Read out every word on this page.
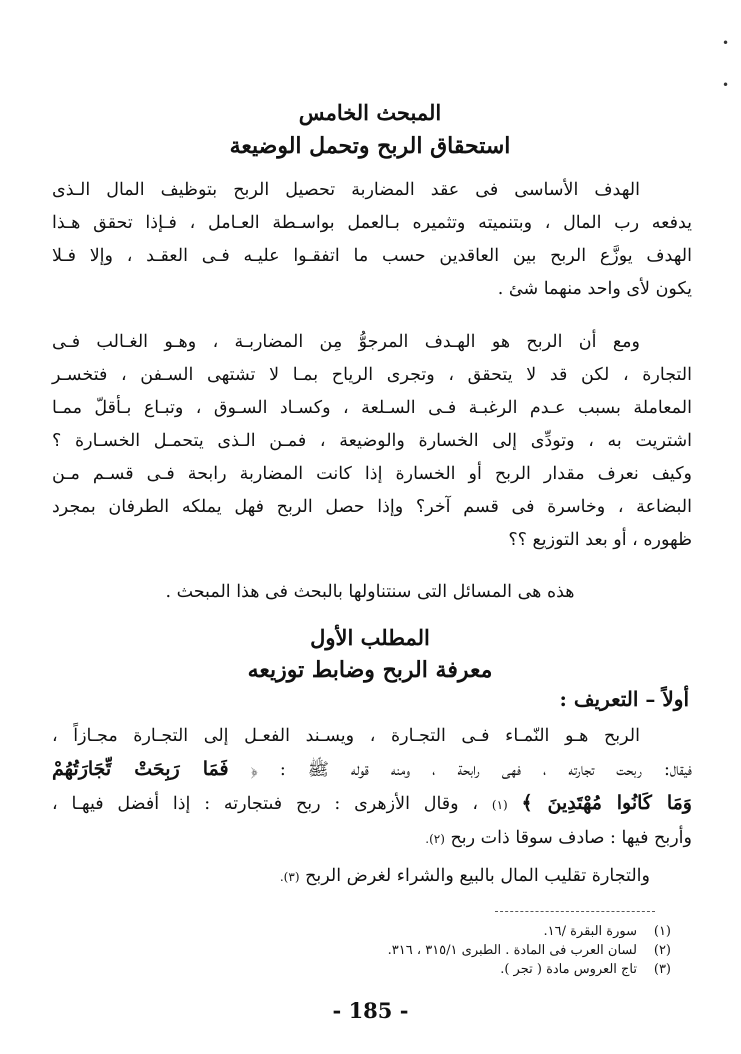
•
•
المبحث الخامس
استحقاق الربح وتحمل الوضيعة
الهدف الأساسى فى عقد المضاربة تحصيل الربح بتوظيف المال الـذى
يدفعه رب المال ، وبتنميته وتثميره بـالعمل بواسـطة العـامل ، فـإذا تحقق هـذا
الهدف يوزَّع الربح بين العاقدين حسب ما اتفقـوا عليـه فـى العقـد ، وإلا فـلا
يكون لأى واحد منهما شئ .
ومع أن الربح هو الهـدف المرجوُّ مِن المضاربـة ، وهـو الغـالب فـى
التجارة ، لكن قد لا يتحقق ، وتجرى الرياح بمـا لا تشتهى السـفن ، فتخسـر
المعاملة بسبب عـدم الرغبـة فـى السـلعة ، وكسـاد السـوق ، وتبـاع بـأقلّ ممـا
اشتريت به ، وتودِّى إلى الخسارة والوضيعة ، فمـن الـذى يتحمـل الخسـارة ؟
وكيف نعرف مقدار الربح أو الخسارة إذا كانت المضاربة رابحة فـى قسـم مـن
البضاعة ، وخاسرة فى قسم آخر؟ وإذا حصل الربح فهل يملكه الطرفان بمجرد
ظهوره ، أو بعد التوزيع ؟؟
هذه هى المسائل التى سنتناولها بالبحث فى هذا المبحث .
المطلب الأول
معرفة الربح وضابط توزيعه
أولاً – التعريف :
الربح هـو النّمـاء فـى التجـارة ، ويسـند الفعـل إلى التجـارة مجـازاً ،
فيقال: ربحت تجارته ، فهى رابحة ، ومنه قوله ﷺ : ﴿ فَمَا رَبِحَتْ تِّجَارَتُهُمْ
وَمَا كَانُوا مُهْتَدِينَ ﴾ (١) ، وقال الأزهرى : ربح فىتجارته : إذا أفضل فيهـا ،
وأربح فيها : صادف سوقا ذات ربح (٢).
والتجارة تقليب المال بالبيع والشراء لغرض الربح (٣).
(١)سورة البقرة /١٦.
(٢)لسان العرب فى المادة . الطبرى ٣١٥/١ ، ٣١٦.
(٣)تاج العروس مادة ( تجر ).
- 185 -
